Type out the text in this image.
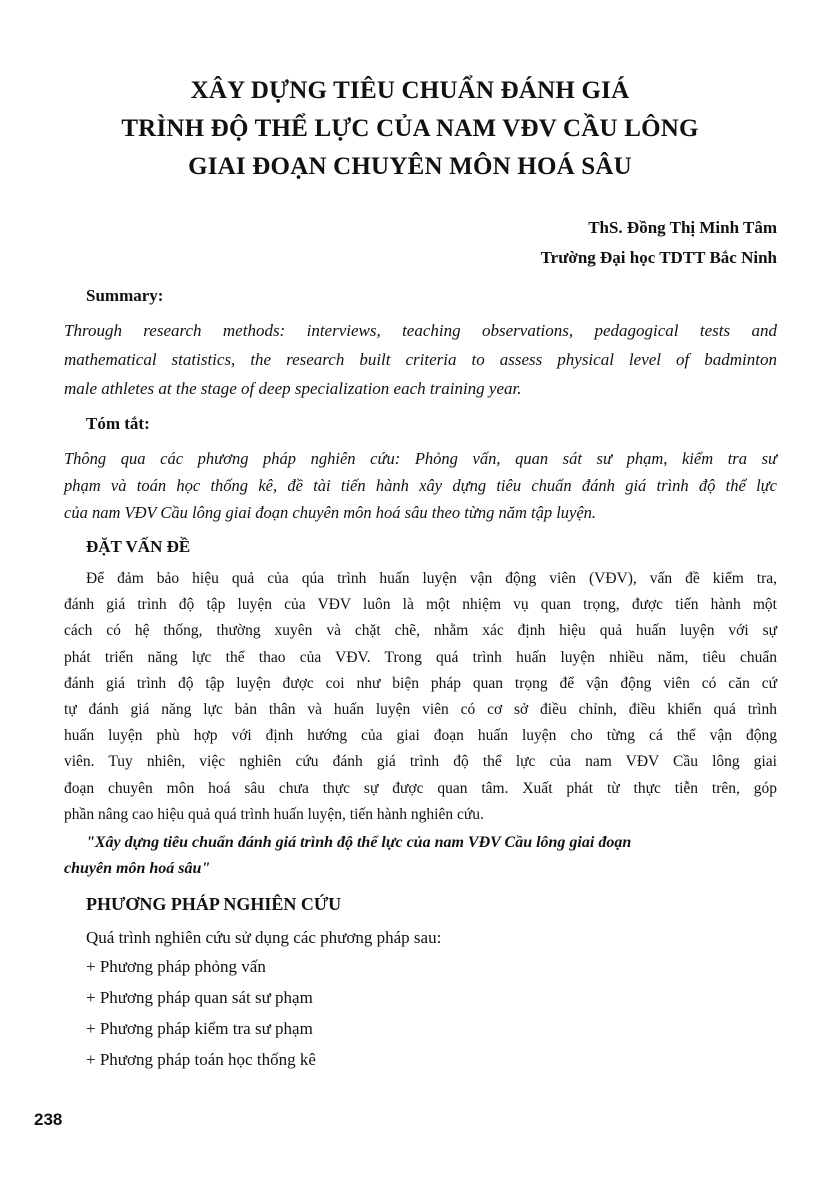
XÂY DỰNG TIÊU CHUẨN ĐÁNH GIÁ
TRÌNH ĐỘ THỂ LỰC CỦA NAM VĐV CẦU LÔNG
GIAI ĐOẠN CHUYÊN MÔN HOÁ SÂU
ThS. Đồng Thị Minh Tâm
Trường Đại học TDTT Bắc Ninh
Summary:
Through research methods: interviews, teaching observations, pedagogical tests and
mathematical statistics, the research built criteria to assess physical level of badminton
male athletes at the stage of deep specialization each training year.
Tóm tắt:
Thông qua các phương pháp nghiên cứu: Phỏng vấn, quan sát sư phạm, kiểm tra sư
phạm và toán học thống kê, đề tài tiến hành xây dựng tiêu chuẩn đánh giá trình độ thể lực
của nam VĐV Cầu lông giai đoạn chuyên môn hoá sâu theo từng năm tập luyện.
ĐẶT VẤN ĐỀ
Để đảm bảo hiệu quả của qúa trình huấn luyện vận động viên (VĐV), vấn đề kiểm tra,
đánh giá trình độ tập luyện của VĐV luôn là một nhiệm vụ quan trọng, được tiến hành một
cách có hệ thống, thường xuyên và chặt chẽ, nhằm xác định hiệu quả huấn luyện với sự
phát triển năng lực thể thao của VĐV. Trong quá trình huấn luyện nhiều năm, tiêu chuẩn
đánh giá trình độ tập luyện được coi như biện pháp quan trọng để vận động viên có căn cứ
tự đánh giá năng lực bản thân và huấn luyện viên có cơ sở điều chỉnh, điều khiển quá trình
huấn luyện phù hợp với định hướng của giai đoạn huấn luyện cho từng cá thể vận động
viên. Tuy nhiên, việc nghiên cứu đánh giá trình độ thể lực của nam VĐV Cầu lông giai
đoạn chuyên môn hoá sâu chưa thực sự được quan tâm. Xuất phát từ thực tiễn trên, góp
phần nâng cao hiệu quả quá trình huấn luyện, tiến hành nghiên cứu.
"Xây dựng tiêu chuẩn đánh giá trình độ thể lực của nam VĐV Cầu lông giai đoạn
chuyên môn hoá sâu"
PHƯƠNG PHÁP NGHIÊN CỨU
Quá trình nghiên cứu sử dụng các phương pháp sau:
+ Phương pháp phỏng vấn
+ Phương pháp quan sát sư phạm
+ Phương pháp kiểm tra sư phạm
+ Phương pháp toán học thống kê
238
